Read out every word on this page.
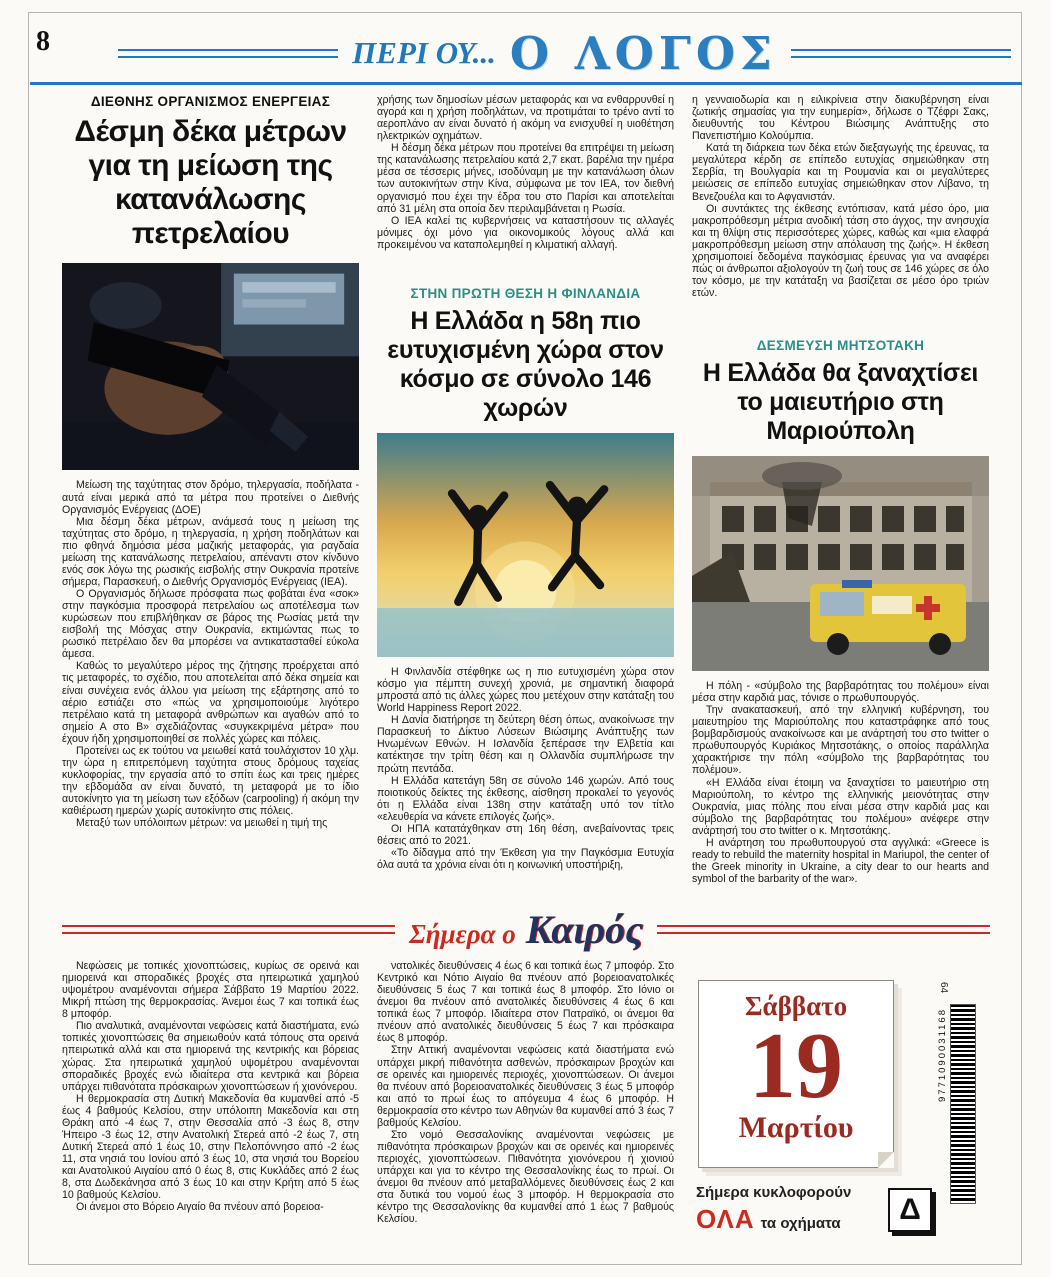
8	ΠΕΡΙ ΟΥ... Ο ΛΟΓΟΣ
ΔΙΕΘΝΗΣ ΟΡΓΑΝΙΣΜΟΣ ΕΝΕΡΓΕΙΑΣ
Δέσμη δέκα μέτρων για τη μείωση της κατανάλωσης πετρελαίου

Μείωση της ταχύτητας στον δρόμο, τηλεργασία, ποδήλατα - αυτά είναι μερικά από τα μέτρα που προτείνει ο Διεθνής Οργανισμός Ενέργειας (ΔΟΕ)

Μια δέσμη δέκα μέτρων, ανάμεσά τους η μείωση της ταχύτητας στο δρόμο, η τηλεργασία, η χρήση ποδηλάτων και πιο φθηνά δημόσια μέσα μαζικής μεταφοράς, για ραγδαία μείωση της κατανάλωσης πετρελαίου, απέναντι στον κίνδυνο ενός σοκ λόγω της ρωσικής εισβολής στην Ουκρανία προτείνε σήμερα, Παρασκευή, ο Διεθνής Οργανισμός Ενέργειας (ΙΕΑ).

Ο Οργανισμός δήλωσε πρόσφατα πως φοβάται ένα «σοκ» στην παγκόσμια προσφορά πετρελαίου ως αποτέλεσμα των κυρώσεων που επιβλήθηκαν σε βάρος της Ρωσίας μετά την εισβολή της Μόσχας στην Ουκρανία, εκτιμώντας πως το ρωσικό πετρέλαιο δεν θα μπορέσει να αντικατασταθεί εύκολα άμεσα.

Καθώς το μεγαλύτερο μέρος της ζήτησης προέρχεται από τις μεταφορές, το σχέδιο, που αποτελείται από δέκα σημεία και είναι συνέχεια ενός άλλου για μείωση της εξάρτησης από το αέριο εστιάζει στο «πώς να χρησιμοποιούμε λιγότερο πετρέλαιο κατά τη μεταφορά ανθρώπων και αγαθών από το σημείο Α στο Β» σχεδιάζοντας «συγκεκριμένα μέτρα» που έχουν ήδη χρησιμοποιηθεί σε πολλές χώρες και πόλεις.

Προτείνει ως εκ τούτου να μειωθεί κατά τουλάχιστον 10 χλμ. την ώρα η επιτρεπόμενη ταχύτητα στους δρόμους ταχείας κυκλοφορίας, την εργασία από το σπίτι έως και τρεις ημέρες την εβδομάδα αν είναι δυνατό, τη μεταφορά με το ίδιο αυτοκίνητο για τη μείωση των εξόδων (carpooling) ή ακόμη την καθιέρωση ημερών χωρίς αυτοκίνητο στις πόλεις.

Μεταξύ των υπόλοιπων μέτρων: να μειωθεί η τιμή της

χρήσης των δημοσίων μέσων μεταφοράς και να ενθαρρυνθεί η αγορά και η χρήση ποδηλάτων, να προτιμάται το τρένο αντί το αεροπλάνο αν είναι δυνατό ή ακόμη να ενισχυθεί η υιοθέτηση ηλεκτρικών οχημάτων.

Η δέσμη δέκα μέτρων που προτείνει θα επιτρέψει τη μείωση της κατανάλωσης πετρελαίου κατά 2,7 εκατ. βαρέλια την ημέρα μέσα σε τέσσερις μήνες, ισοδύναμη με την κατανάλωση όλων των αυτοκινήτων στην Κίνα, σύμφωνα με τον ΙΕΑ, τον διεθνή οργανισμό που έχει την έδρα του στο Παρίσι και αποτελείται από 31 μέλη στα οποία δεν περιλαμβάνεται η Ρωσία.

Ο ΙΕΑ καλεί τις κυβερνήσεις να καταστήσουν τις αλλαγές μόνιμες όχι μόνο για οικονομικούς λόγους αλλά και προκειμένου να καταπολεμηθεί η κλιματική αλλαγή.

ΣΤΗΝ ΠΡΩΤΗ ΘΕΣΗ Η ΦΙΝΛΑΝΔΙΑ
Η Ελλάδα η 58η πιο ευτυχισμένη χώρα στον κόσμο σε σύνολο 146 χωρών

Η Φινλανδία στέφθηκε ως η πιο ευτυχισμένη χώρα στον κόσμο για πέμπτη συνεχή χρονιά, με σημαντική διαφορά μπροστά από τις άλλες χώρες που μετέχουν στην κατάταξη του World Happiness Report 2022.

Η Δανία διατήρησε τη δεύτερη θέση όπως, ανακοίνωσε την Παρασκευή το Δίκτυο Λύσεων Βιώσιμης Ανάπτυξης των Ηνωμένων Εθνών. Η Ισλανδία ξεπέρασε την Ελβετία και κατέκτησε την τρίτη θέση και η Ολλανδία συμπλήρωσε την πρώτη πεντάδα.

Η Ελλάδα κατετάγη 58η σε σύνολο 146 χωρών. Από τους ποιοτικούς δείκτες της έκθεσης, αίσθηση προκαλεί το γεγονός ότι η Ελλάδα είναι 138η στην κατάταξη υπό τον τίτλο «ελευθερία να κάνετε επιλογές ζωής».

Οι ΗΠΑ κατατάχθηκαν στη 16η θέση, ανεβαίνοντας τρεις θέσεις από το 2021.

«Το δίδαγμα από την Έκθεση για την Παγκόσμια Ευτυχία όλα αυτά τα χρόνια είναι ότι η κοινωνική υποστήριξη,

η γενναιοδωρία και η ειλικρίνεια στην διακυβέρνηση είναι ζωτικής σημασίας για την ευημερία», δήλωσε ο Τζέφρι Σακς, διευθυντής του Κέντρου Βιώσιμης Ανάπτυξης στο Πανεπιστήμιο Κολούμπια.

Κατά τη διάρκεια των δέκα ετών διεξαγωγής της έρευνας, τα μεγαλύτερα κέρδη σε επίπεδο ευτυχίας σημειώθηκαν στη Σερβία, τη Βουλγαρία και τη Ρουμανία και οι μεγαλύτερες μειώσεις σε επίπεδο ευτυχίας σημειώθηκαν στον Λίβανο, τη Βενεζουέλα και το Αφγανιστάν.

Οι συντάκτες της έκθεσης εντόπισαν, κατά μέσο όρο, μια μακροπρόθεσμη μέτρια ανοδική τάση στο άγχος, την ανησυχία και τη θλίψη στις περισσότερες χώρες, καθώς και «μια ελαφρά μακροπρόθεσμη μείωση στην απόλαυση της ζωής». Η έκθεση χρησιμοποιεί δεδομένα παγκόσμιας έρευνας για να αναφέρει πώς οι άνθρωποι αξιολογούν τη ζωή τους σε 146 χώρες σε όλο τον κόσμο, με την κατάταξη να βασίζεται σε μέσο όρο τριών ετών.

ΔΕΣΜΕΥΣΗ ΜΗΤΣΟΤΑΚΗ
Η Ελλάδα θα ξαναχτίσει το μαιευτήριο στη Μαριούπολη

Η πόλη - «σύμβολο της βαρβαρότητας του πολέμου» είναι μέσα στην καρδιά μας, τόνισε ο πρωθυπουργός.

Την ανακατασκευή, από την ελληνική κυβέρνηση, του μαιευτηρίου της Μαριούπολης που καταστράφηκε από τους βομβαρδισμούς ανακοίνωσε και με ανάρτησή του στο twitter ο πρωθυπουργός Κυριάκος Μητσοτάκης, ο οποίος παράλληλα χαρακτήρισε την πόλη «σύμβολο της βαρβαρότητας του πολέμου».

«Η Ελλάδα είναι έτοιμη να ξαναχτίσει το μαιευτήριο στη Μαριούπολη, το κέντρο της ελληνικής μειονότητας στην Ουκρανία, μιας πόλης που είναι μέσα στην καρδιά μας και σύμβολο της βαρβαρότητας του πολέμου» ανέφερε στην ανάρτησή του στο twitter ο κ. Μητσοτάκης.

Η ανάρτηση του πρωθυπουργού στα αγγλικά: «Greece is ready to rebuild the maternity hospital in Mariupol, the center of the Greek minority in Ukraine, a city dear to our hearts and symbol of the barbarity of the war».

Σήμερα ο Καιρός

Νεφώσεις με τοπικές χιονοπτώσεις, κυρίως σε ορεινά και ημιορεινά και σποραδικές βροχές στα ηπειρωτικά χαμηλού υψομέτρου αναμένονται σήμερα Σάββατο 19 Μαρτίου 2022. Μικρή πτώση της θερμοκρασίας. Άνεμοι έως 7 και τοπικά έως 8 μποφόρ.

Πιο αναλυτικά, αναμένονται νεφώσεις κατά διαστήματα, ενώ τοπικές χιονοπτώσεις θα σημειωθούν κατά τόπους στα ορεινά ηπειρωτικά αλλά και στα ημιορεινά της κεντρικής και βόρειας χώρας. Στα ηπειρωτικά χαμηλού υψομέτρου αναμένονται σποραδικές βροχές ενώ ιδιαίτερα στα κεντρικά και βόρεια υπάρχει πιθανότατα πρόσκαιρων χιονοπτώσεων ή χιονόνερου.

Η θερμοκρασία στη Δυτική Μακεδονία θα κυμανθεί από -5 έως 4 βαθμούς Κελσίου, στην υπόλοιπη Μακεδονία και στη Θράκη από -4 έως 7, στην Θεσσαλία από -3 έως 8, στην Ήπειρο -3 έως 12, στην Ανατολική Στερεά από -2 έως 7, στη Δυτική Στερεά από 1 έως 10, στην Πελοπόννησο από -2 έως 11, στα νησιά του Ιονίου από 3 έως 10, στα νησιά του Βορείου και Ανατολικού Αιγαίου από 0 έως 8, στις Κυκλάδες από 2 έως 8, στα Δωδεκάνησα από 3 έως 10 και στην Κρήτη από 5 έως 10 βαθμούς Κελσίου.

Οι άνεμοι στο Βόρειο Αιγαίο θα πνέουν από βορειοα-

νατολικές διευθύνσεις 4 έως 6 και τοπικά έως 7 μποφόρ. Στο Κεντρικό και Νότιο Αιγαίο θα πνέουν από βορειοανατολικές διευθύνσεις 5 έως 7 και τοπικά έως 8 μποφόρ. Στο Ιόνιο οι άνεμοι θα πνέουν από ανατολικές διευθύνσεις 4 έως 6 και τοπικά έως 7 μποφόρ. Ιδιαίτερα στον Πατραϊκό, οι άνεμοι θα πνέουν από ανατολικές διευθύνσεις 5 έως 7 και πρόσκαιρα έως 8 μποφόρ.

Στην Αττική αναμένονται νεφώσεις κατά διαστήματα ενώ υπάρχει μικρή πιθανότητα ασθενών, πρόσκαιρων βροχών και σε ορεινές και ημιορεινές περιοχές, χιονοπτώσεων. Οι άνεμοι θα πνέουν από βορειοανατολικές διευθύνσεις 3 έως 5 μποφόρ και από το πρωί έως το απόγευμα 4 έως 6 μποφόρ. Η θερμοκρασία στο κέντρο των Αθηνών θα κυμανθεί από 3 έως 7 βαθμούς Κελσίου.

Στο νομό Θεσσαλονίκης αναμένονται νεφώσεις με πιθανότητα πρόσκαιρων βροχών και σε ορεινές και ημιορεινές περιοχές, χιονοπτώσεων. Πιθανότητα χιονόνερου ή χιονιού υπάρχει και για το κέντρο της Θεσσαλονίκης έως το πρωί. Οι άνεμοι θα πνέουν από μεταβαλλόμενες διευθύνσεις έως 2 και στα δυτικά του νομού έως 3 μποφόρ. Η θερμοκρασία στο κέντρο της Θεσσαλονίκης θα κυμανθεί από 1 έως 7 βαθμούς Κελσίου.

Σάββατο
19
Μαρτίου
64
9771090031168
Σήμερα κυκλοφορούν
ΟΛΑ τα οχήματα	Δ
